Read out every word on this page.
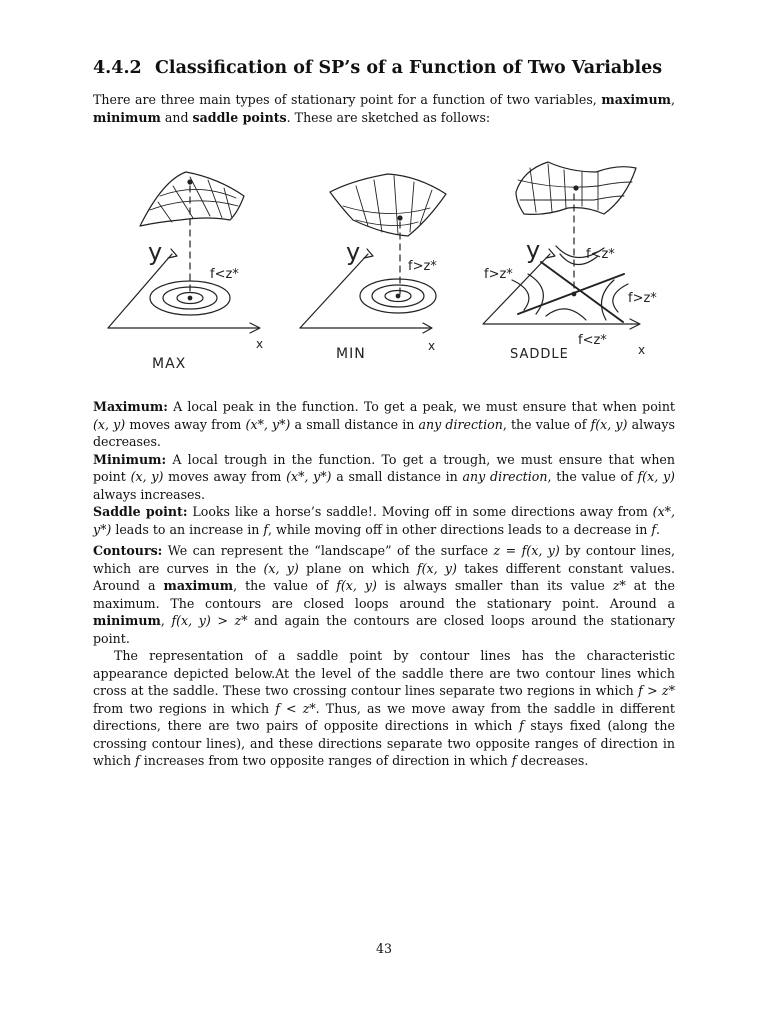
4.4.2 Classification of SP’s of a Function of Two Variables
There are three main types of stationary point for a function of two variables, maximum, minimum and saddle points. These are sketched as follows:
y
f<z*
x
MAX
y
f>z*
x
MIN
y	f<z*
f>z*
f>z*
f<z*
x
SADDLE

Maximum: A local peak in the function. To get a peak, we must ensure that when point (x, y) moves away from (x*, y*) a small distance in any direction, the value of f(x, y) always decreases.

Minimum: A local trough in the function. To get a trough, we must ensure that when point (x, y) moves away from (x*, y*) a small distance in any direction, the value of f(x, y) always increases.

Saddle point: Looks like a horse’s saddle!. Moving off in some directions away from (x*, y*) leads to an increase in f, while moving off in other directions leads to a decrease in f.

Contours: We can represent the “landscape” of the surface z = f(x, y) by contour lines, which are curves in the (x, y) plane on which f(x, y) takes different constant values. Around a maximum, the value of f(x, y) is always smaller than its value z* at the maximum. The contours are closed loops around the stationary point. Around a minimum, f(x, y) > z* and again the contours are closed loops around the stationary point.

The representation of a saddle point by contour lines has the characteristic appearance depicted below.At the level of the saddle there are two contour lines which cross at the saddle. These two crossing contour lines separate two regions in which f > z* from two regions in which f < z*. Thus, as we move away from the saddle in different directions, there are two pairs of opposite directions in which f stays fixed (along the crossing contour lines), and these directions separate two opposite ranges of direction in which f increases from two opposite ranges of direction in which f decreases.

43
